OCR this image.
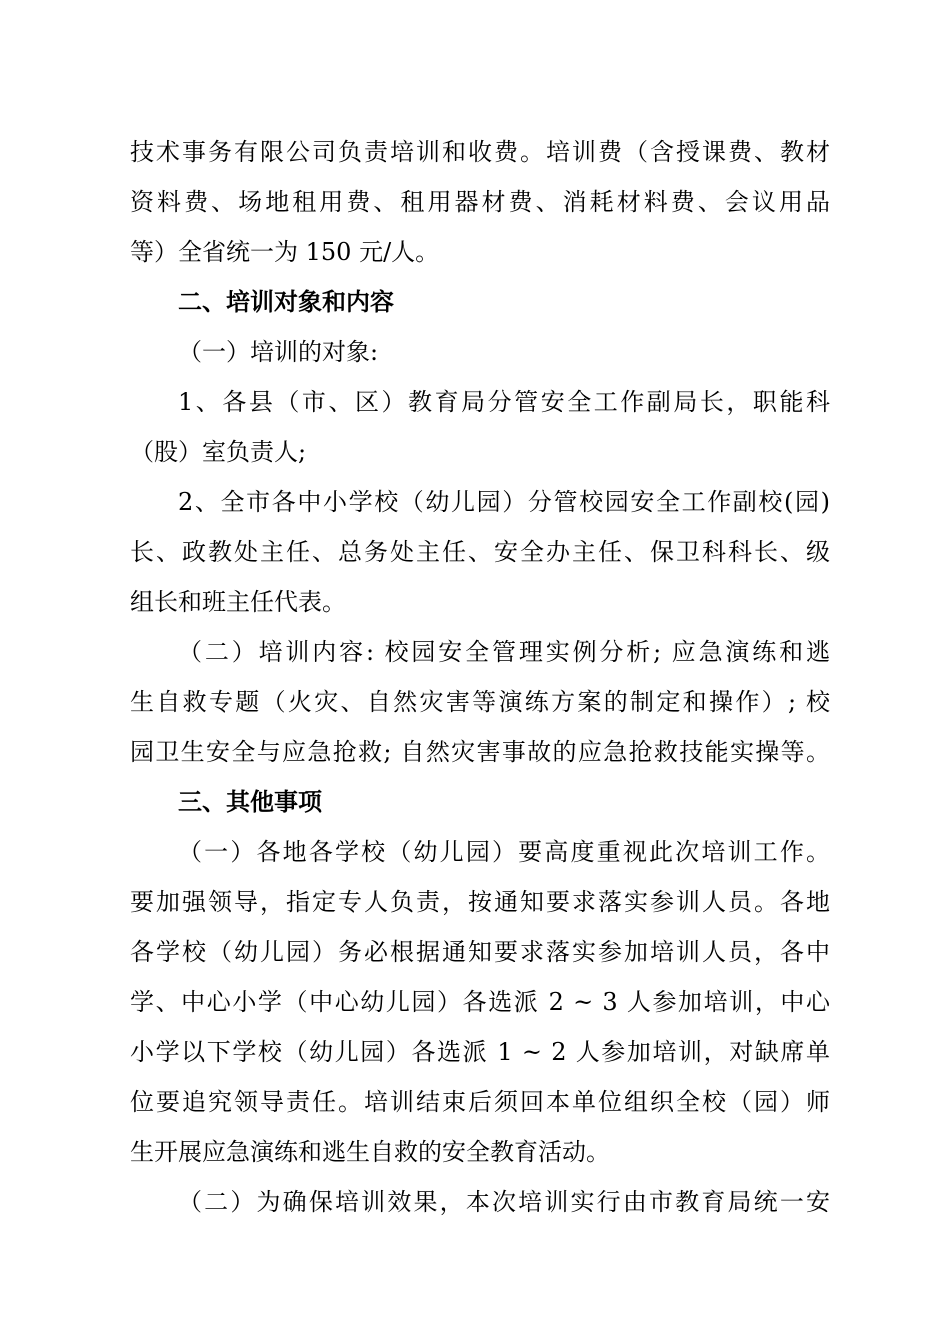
技术事务有限公司负责培训和收费。培训费（含授课费、教材
资料费、场地租用费、租用器材费、消耗材料费、会议用品
等）全省统一为 150 元/人。
二、培训对象和内容
（一）培训的对象:
1、各县（市、区）教育局分管安全工作副局长，职能科
（股）室负责人;
2、全市各中小学校（幼儿园）分管校园安全工作副校(园)
长、政教处主任、总务处主任、安全办主任、保卫科科长、级
组长和班主任代表。
（二）培训内容: 校园安全管理实例分析; 应急演练和逃
生自救专题（火灾、自然灾害等演练方案的制定和操作）; 校
园卫生安全与应急抢救; 自然灾害事故的应急抢救技能实操等。
三、其他事项
（一）各地各学校（幼儿园）要高度重视此次培训工作。
要加强领导，指定专人负责，按通知要求落实参训人员。各地
各学校（幼儿园）务必根据通知要求落实参加培训人员，各中
学、中心小学（中心幼儿园）各选派 2 ~ 3 人参加培训，中心
小学以下学校（幼儿园）各选派 1 ~ 2 人参加培训，对缺席单
位要追究领导责任。培训结束后须回本单位组织全校（园）师
生开展应急演练和逃生自救的安全教育活动。
（二）为确保培训效果，本次培训实行由市教育局统一安
